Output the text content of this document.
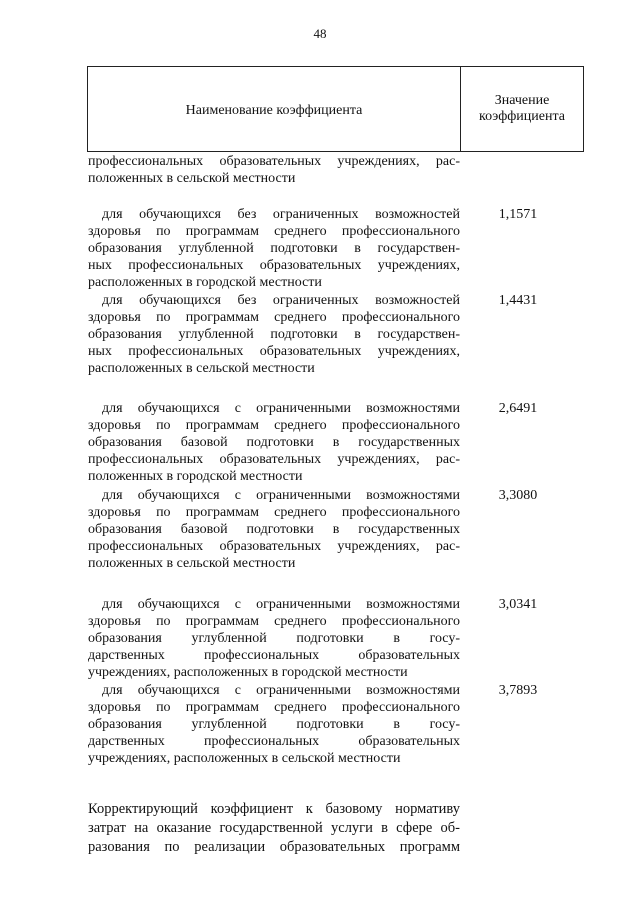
48
Наименование коэффициента
Значение
коэффициента
профессиональных образовательных учреждениях, рас-
положенных в сельской местности
для обучающихся без ограниченных возможностей
здоровья по программам среднего профессионального
образования углубленной подготовки в государствен-
ных профессиональных образовательных учреждениях,
расположенных в городской местности
1,1571
для обучающихся без ограниченных возможностей
здоровья по программам среднего профессионального
образования углубленной подготовки в государствен-
ных профессиональных образовательных учреждениях,
расположенных в сельской местности
1,4431
для обучающихся с ограниченными возможностями
здоровья по программам среднего профессионального
образования базовой подготовки в государственных
профессиональных образовательных учреждениях, рас-
положенных в городской местности
2,6491
для обучающихся с ограниченными возможностями
здоровья по программам среднего профессионального
образования базовой подготовки в государственных
профессиональных образовательных учреждениях, рас-
положенных в сельской местности
3,3080
для обучающихся с ограниченными возможностями
здоровья по программам среднего профессионального
образования углубленной подготовки в госу-
дарственных профессиональных образовательных
учреждениях, расположенных в городской местности
3,0341
для обучающихся с ограниченными возможностями
здоровья по программам среднего профессионального
образования углубленной подготовки в госу-
дарственных профессиональных образовательных
учреждениях, расположенных в сельской местности
3,7893
Корректирующий коэффициент к базовому нормативу
затрат на оказание государственной услуги в сфере об-
разования по реализации образовательных программ
